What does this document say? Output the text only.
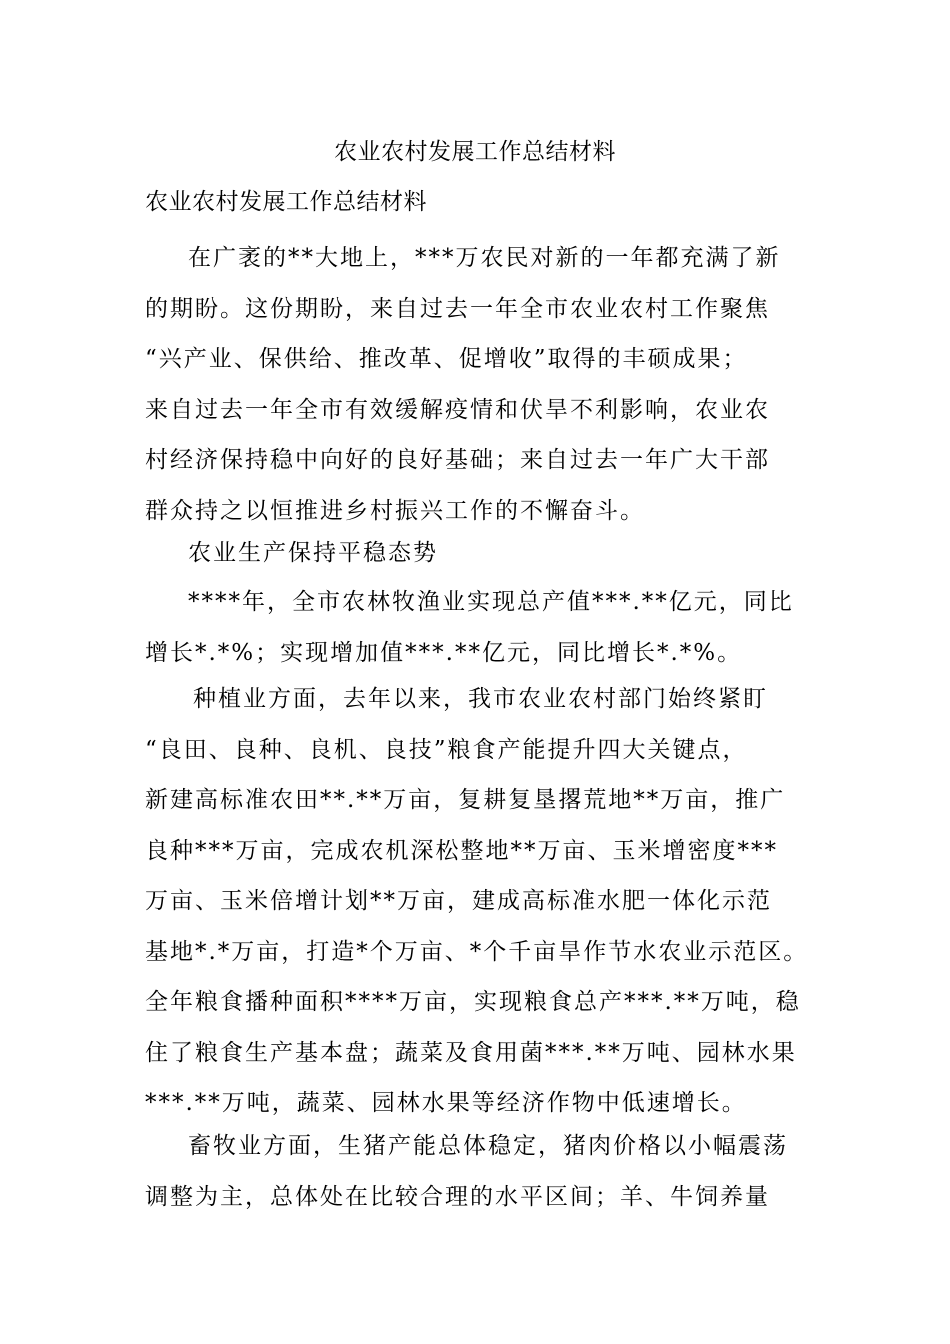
农业农村发展工作总结材料
农业农村发展工作总结材料
在广袤的**大地上，***万农民对新的一年都充满了新
的期盼。这份期盼，来自过去一年全市农业农村工作聚焦
“兴产业、保供给、推改革、促增收”取得的丰硕成果；
来自过去一年全市有效缓解疫情和伏旱不利影响，农业农
村经济保持稳中向好的良好基础；来自过去一年广大干部
群众持之以恒推进乡村振兴工作的不懈奋斗。
农业生产保持平稳态势
****年，全市农林牧渔业实现总产值***.**亿元，同比
增长*.*%；实现增加值***.**亿元，同比增长*.*%。
种植业方面，去年以来，我市农业农村部门始终紧盯
“良田、良种、良机、良技”粮食产能提升四大关键点，
新建高标准农田**.**万亩，复耕复垦撂荒地**万亩，推广
良种***万亩，完成农机深松整地**万亩、玉米增密度***
万亩、玉米倍增计划**万亩，建成高标准水肥一体化示范
基地*.*万亩，打造*个万亩、*个千亩旱作节水农业示范区。
全年粮食播种面积****万亩，实现粮食总产***.**万吨，稳
住了粮食生产基本盘；蔬菜及食用菌***.**万吨、园林水果
***.**万吨，蔬菜、园林水果等经济作物中低速增长。
畜牧业方面，生猪产能总体稳定，猪肉价格以小幅震荡
调整为主，总体处在比较合理的水平区间；羊、牛饲养量
